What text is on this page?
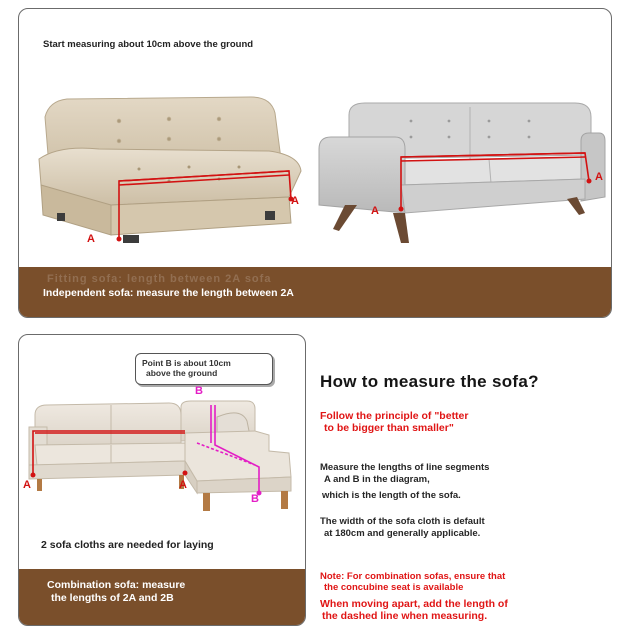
Start measuring about 10cm above the ground
A
A
A
A
Fitting sofa: length between 2A sofa
Independent sofa: measure the length between 2A
Point B is about 10cm
above the ground
B
B
A	A
2 sofa cloths are needed for laying
Combination sofa: measure
the lengths of 2A and 2B
How to measure the sofa?
Follow the principle of "better
to be bigger than smaller"
Measure the lengths of line segments
A and B in the diagram,
which is the length of the sofa.
The width of the sofa cloth is default
at 180cm and generally applicable.
Note: For combination sofas, ensure that
the concubine seat is available
When moving apart, add the length of
the dashed line when measuring.
